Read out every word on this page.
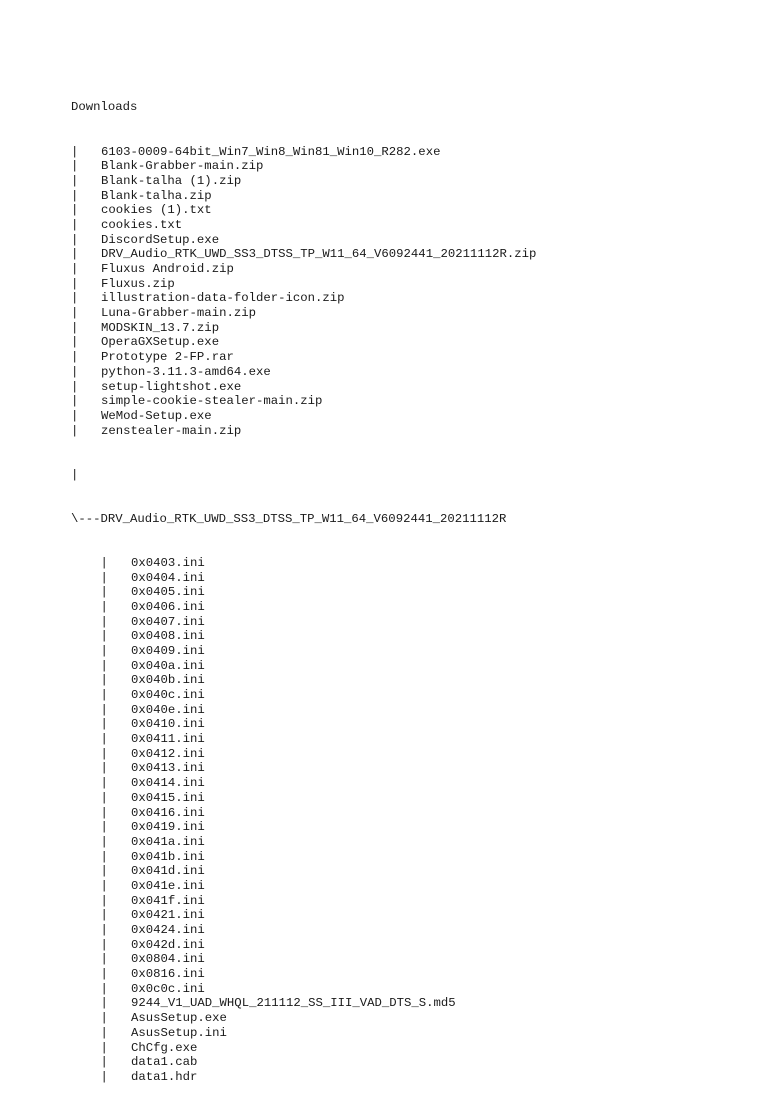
Downloads

| 6103-0009-64bit_Win7_Win8_Win81_Win10_R282.exe
| Blank-Grabber-main.zip
| Blank-talha (1).zip
| Blank-talha.zip
| cookies (1).txt
| cookies.txt
| DiscordSetup.exe
| DRV_Audio_RTK_UWD_SS3_DTSS_TP_W11_64_V6092441_20211112R.zip
| Fluxus Android.zip
| Fluxus.zip
| illustration-data-folder-icon.zip
| Luna-Grabber-main.zip
| MODSKIN_13.7.zip
| OperaGXSetup.exe
| Prototype 2-FP.rar
| python-3.11.3-amd64.exe
| setup-lightshot.exe
| simple-cookie-stealer-main.zip
| WeMod-Setup.exe
| zenstealer-main.zip

|

\---DRV_Audio_RTK_UWD_SS3_DTSS_TP_W11_64_V6092441_20211112R

| 0x0403.ini
| 0x0404.ini
| 0x0405.ini
| 0x0406.ini
| 0x0407.ini
| 0x0408.ini
| 0x0409.ini
| 0x040a.ini
| 0x040b.ini
| 0x040c.ini
| 0x040e.ini
| 0x0410.ini
| 0x0411.ini
| 0x0412.ini
| 0x0413.ini
| 0x0414.ini
| 0x0415.ini
| 0x0416.ini
| 0x0419.ini
| 0x041a.ini
| 0x041b.ini
| 0x041d.ini
| 0x041e.ini
| 0x041f.ini
| 0x0421.ini
| 0x0424.ini
| 0x042d.ini
| 0x0804.ini
| 0x0816.ini
| 0x0c0c.ini
| 9244_V1_UAD_WHQL_211112_SS_III_VAD_DTS_S.md5
| AsusSetup.exe
| AsusSetup.ini
| ChCfg.exe
| data1.cab
| data1.hdr
